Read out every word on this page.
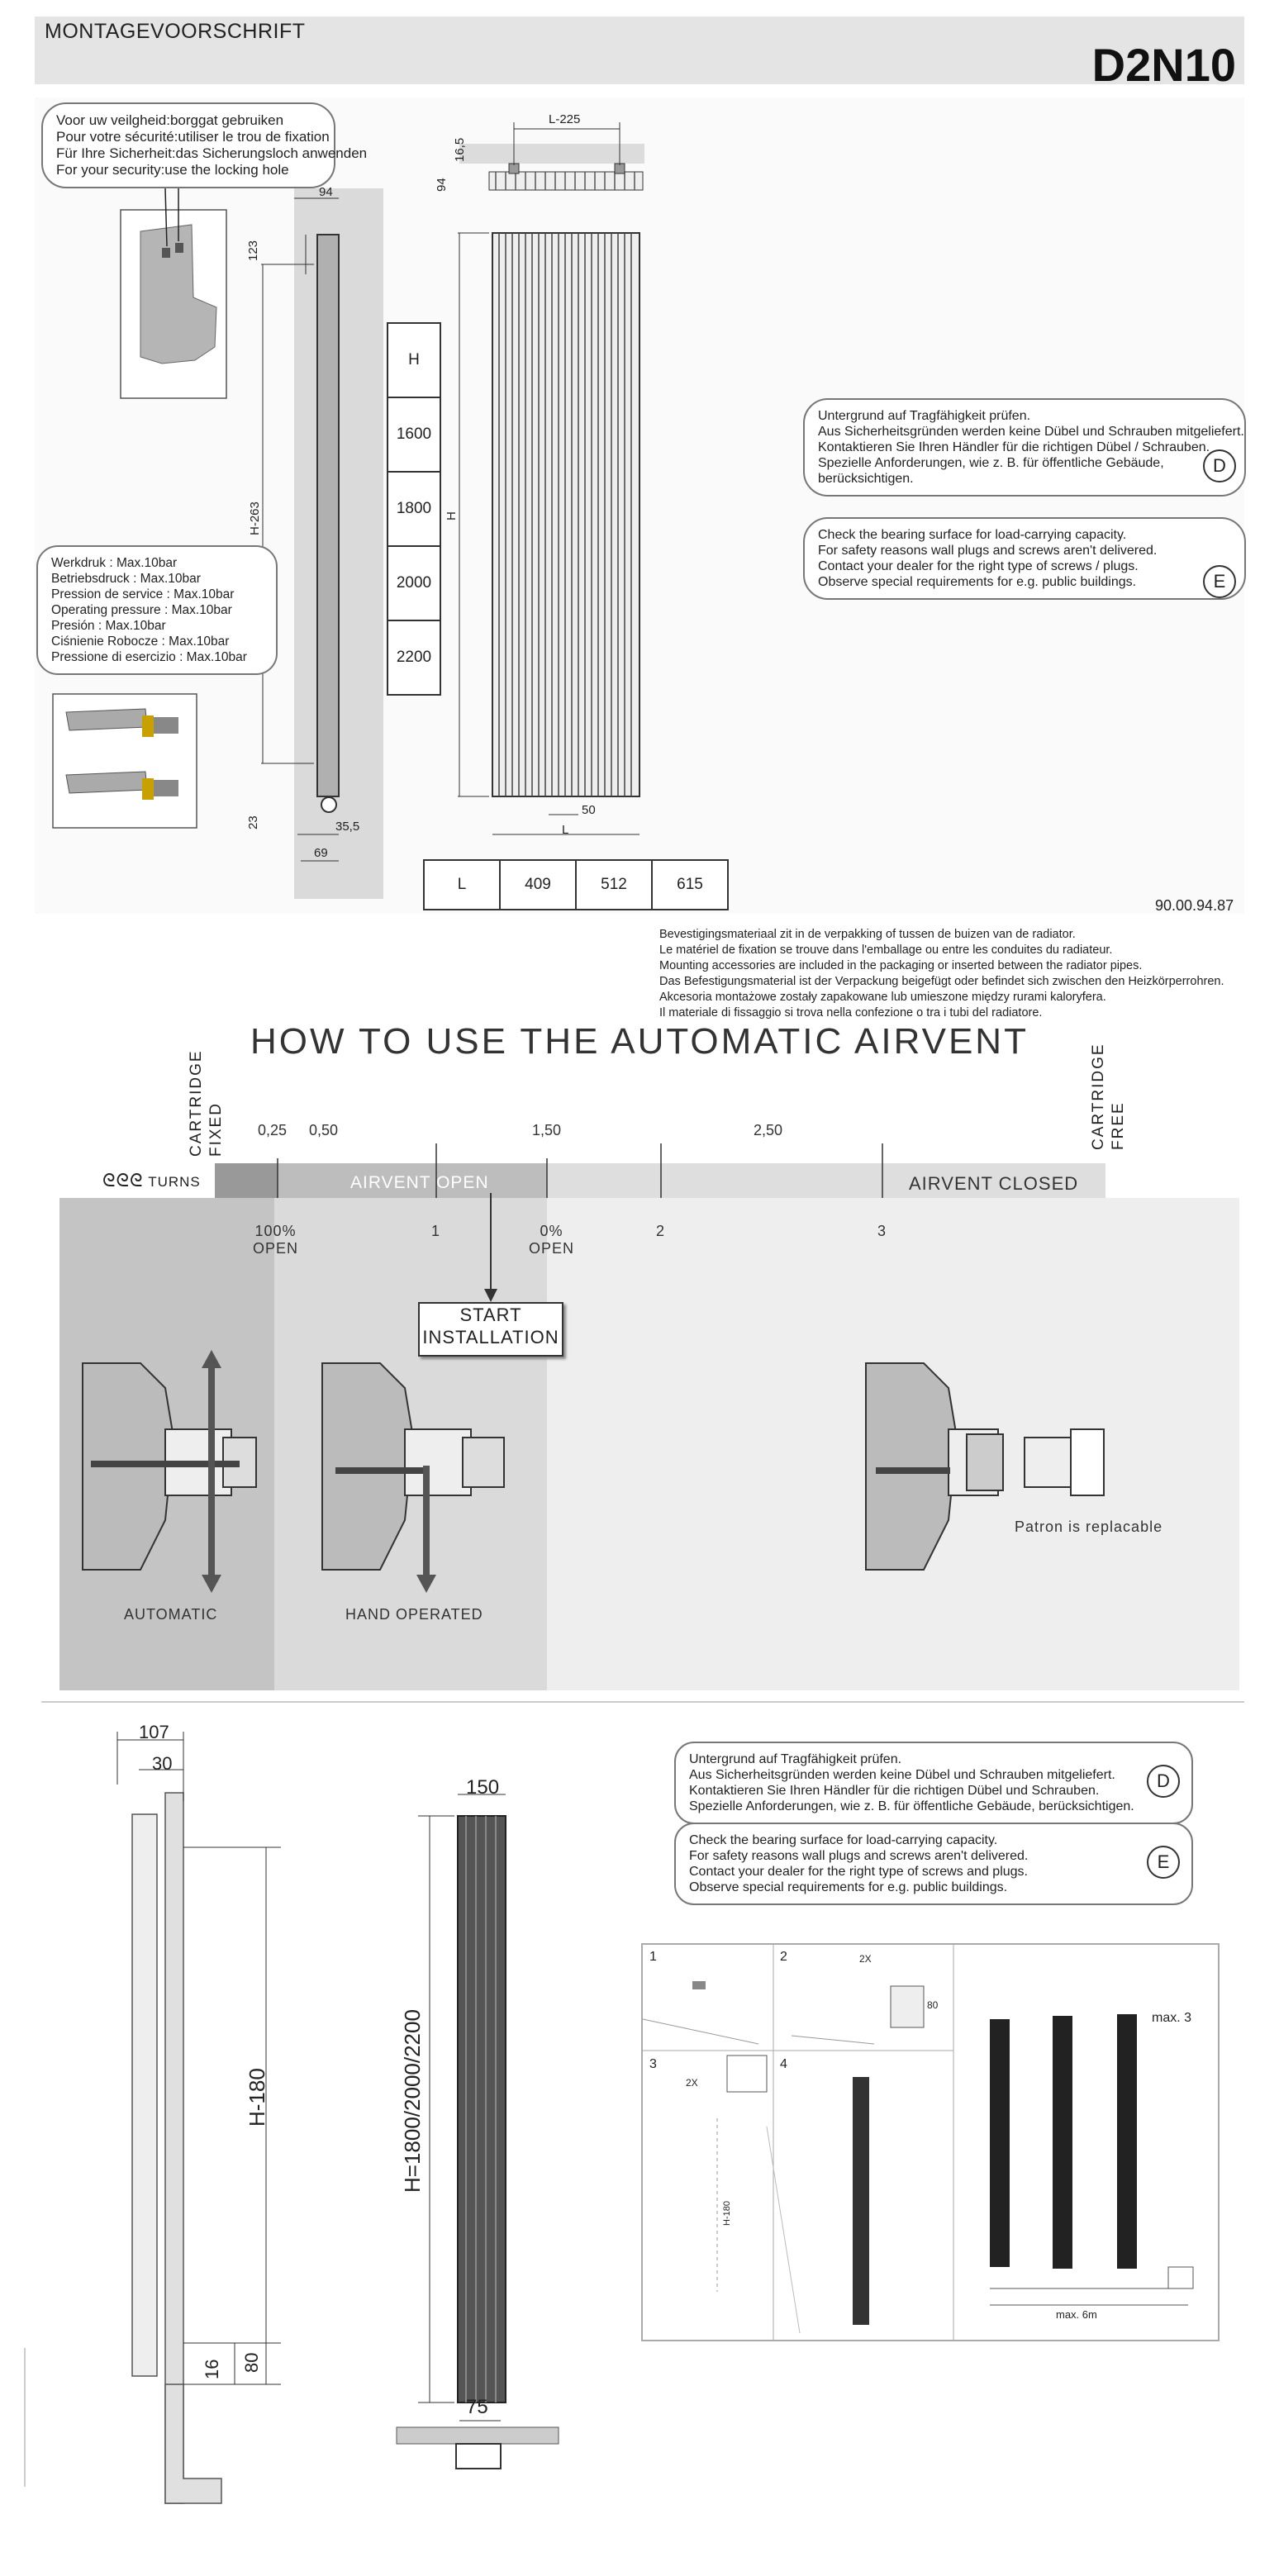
MONTAGEVOORSCHRIFT
D2N10
Voor uw veilgheid:borggat gebruiken
Pour votre sécurité:utiliser le trou de fixation
Für Ihre Sicherheit:das Sicherungsloch anwenden
For your security:use the locking hole
94
123
H-263
23	35,5
69
16,5
94
L-225
H
50
L
Werkdruk : Max.10bar
Betriebsdruck : Max.10bar
Pression de service : Max.10bar
Operating pressure : Max.10bar
Presión : Max.10bar
Ciśnienie Robocze : Max.10bar
Pressione di esercizio : Max.10bar
H
1600
1800
2000
2200
L	409	512	615
Untergrund auf Tragfähigkeit prüfen.
Aus Sicherheitsgründen werden keine Dübel und Schrauben mitgeliefert.
Kontaktieren Sie Ihren Händler für die richtigen Dübel / Schrauben.
Spezielle Anforderungen, wie z. B. für öffentliche Gebäude,
berücksichtigen.
D
Check the bearing surface for load-carrying capacity.
For safety reasons wall plugs and screws aren't delivered.
Contact your dealer for the right type of screws / plugs.
Observe special requirements for e.g. public buildings.	E
90.00.94.87
Bevestigingsmateriaal zit in de verpakking of tussen de buizen van de radiator.
Le matériel de fixation se trouve dans l'emballage ou entre les conduites du radiateur.
Mounting accessories are included in the packaging or inserted between the radiator pipes.
Das Befestigungsmaterial ist der Verpackung beigefügt oder befindet sich zwischen den Heizkörperrohren.
Akcesoria montażowe zostały zapakowane lub umieszone między rurami kaloryfera.
Il materiale di fissaggio si trova nella confezione o tra i tubi del radiatore.
HOW TO USE THE AUTOMATIC AIRVENT
CARTRIDGE FIXED	CARTRIDGE FREE
0,25 0,50	1,50	2,50
ᘓᘓᘓ TURNS	AIRVENT OPEN	AIRVENT CLOSED
100%
OPEN
1	0%
OPEN
2	3
START
INSTALLATION
AUTOMATIC	HAND OPERATED
Patron is replacable
107
30
H-180
16 80
150
H=1800/2000/2200
75
Untergrund auf Tragfähigkeit prüfen.
Aus Sicherheitsgründen werden keine Dübel und Schrauben mitgeliefert.
Kontaktieren Sie Ihren Händler für die richtigen Dübel und Schrauben.
Spezielle Anforderungen, wie z. B. für öffentliche Gebäude, berücksichtigen.
D
Check the bearing surface for load-carrying capacity.
For safety reasons wall plugs and screws aren't delivered.
Contact your dealer for the right type of screws and plugs.
Observe special requirements for e.g. public buildings.
E
1	2
3	4
2X
2X
80
H-180
max. 3
max. 6m
